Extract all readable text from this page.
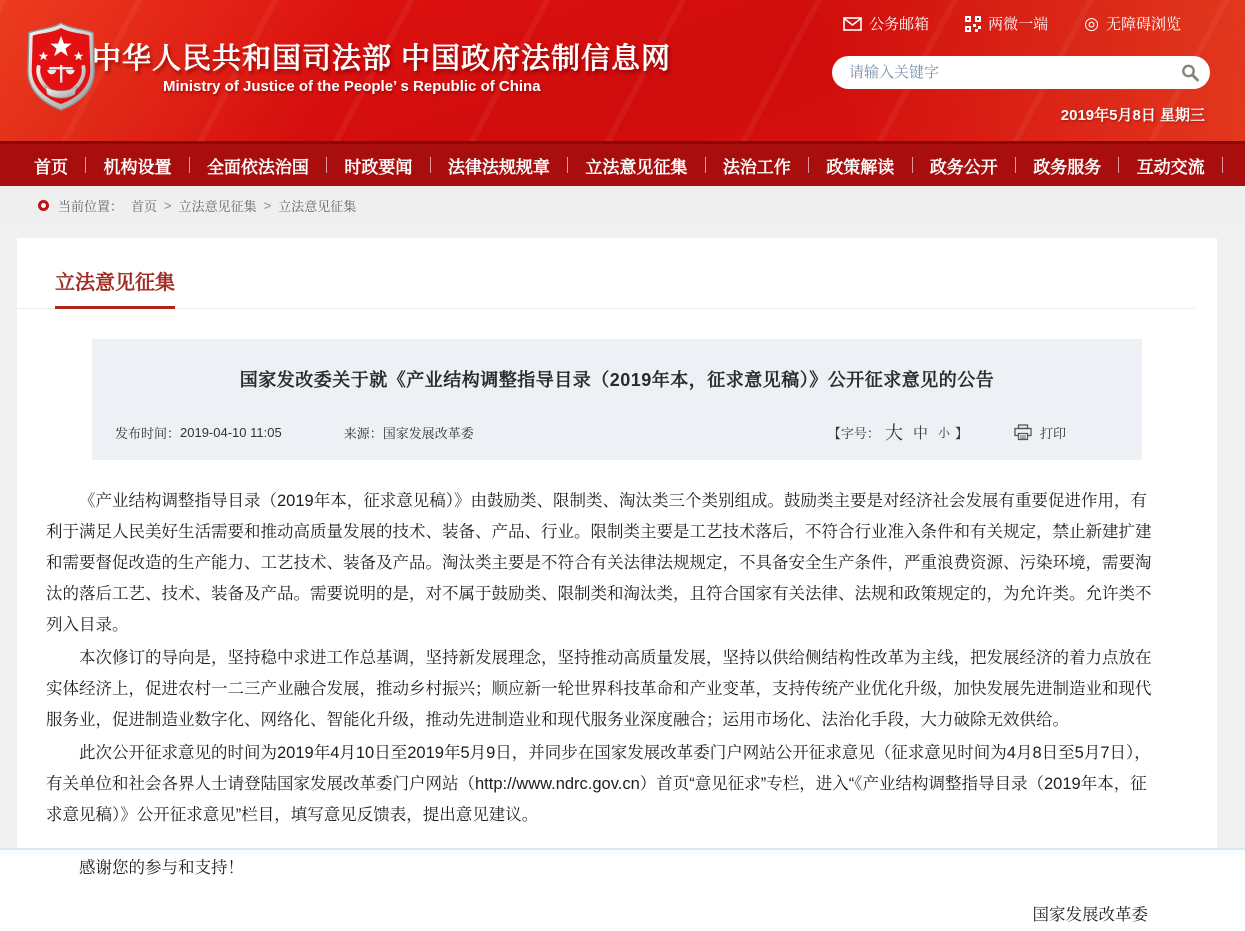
中华人民共和国司法部 中国政府法制信息网
Ministry of Justice of the People’ s Republic of China
公务邮箱	两微一端 ◎ 无障碍浏览
请输入关键字
2019年5月8日 星期三
首页 机构设置 全面依法治国 时政要闻 法律法规规章 立法意见征集 法治工作 政策解读 政务公开 政务服务 互动交流
当前位置： 首页 > 立法意见征集 > 立法意见征集
立法意见征集
国家发改委关于就《产业结构调整指导目录（2019年本，征求意见稿）》公开征求意见的公告
发布时间： 2019-04-10 11:05	来源： 国家发展改革委	【字号： 大 中 小 】	打印

《产业结构调整指导目录（2019年本，征求意见稿）》由鼓励类、限制类、淘汰类三个类别组成。鼓励类主要是对经济社会发展有重要促进作用，有利于满足人民美好生活需要和推动高质量发展的技术、装备、产品、行业。限制类主要是工艺技术落后，不符合行业准入条件和有关规定，禁止新建扩建和需要督促改造的生产能力、工艺技术、装备及产品。淘汰类主要是不符合有关法律法规规定，不具备安全生产条件，严重浪费资源、污染环境，需要淘汰的落后工艺、技术、装备及产品。需要说明的是，对不属于鼓励类、限制类和淘汰类，且符合国家有关法律、法规和政策规定的，为允许类。允许类不列入目录。

本次修订的导向是，坚持稳中求进工作总基调，坚持新发展理念，坚持推动高质量发展，坚持以供给侧结构性改革为主线，把发展经济的着力点放在实体经济上，促进农村一二三产业融合发展，推动乡村振兴；顺应新一轮世界科技革命和产业变革，支持传统产业优化升级，加快发展先进制造业和现代服务业，促进制造业数字化、网络化、智能化升级，推动先进制造业和现代服务业深度融合；运用市场化、法治化手段，大力破除无效供给。

此次公开征求意见的时间为2019年4月10日至2019年5月9日，并同步在国家发展改革委门户网站公开征求意见（征求意见时间为4月8日至5月7日），有关单位和社会各界人士请登陆国家发展改革委门户网站（http://www.ndrc.gov.cn）首页“意见征求”专栏，进入“《产业结构调整指导目录（2019年本，征求意见稿）》公开征求意见”栏目，填写意见反馈表，提出意见建议。

感谢您的参与和支持！

国家发展改革委
